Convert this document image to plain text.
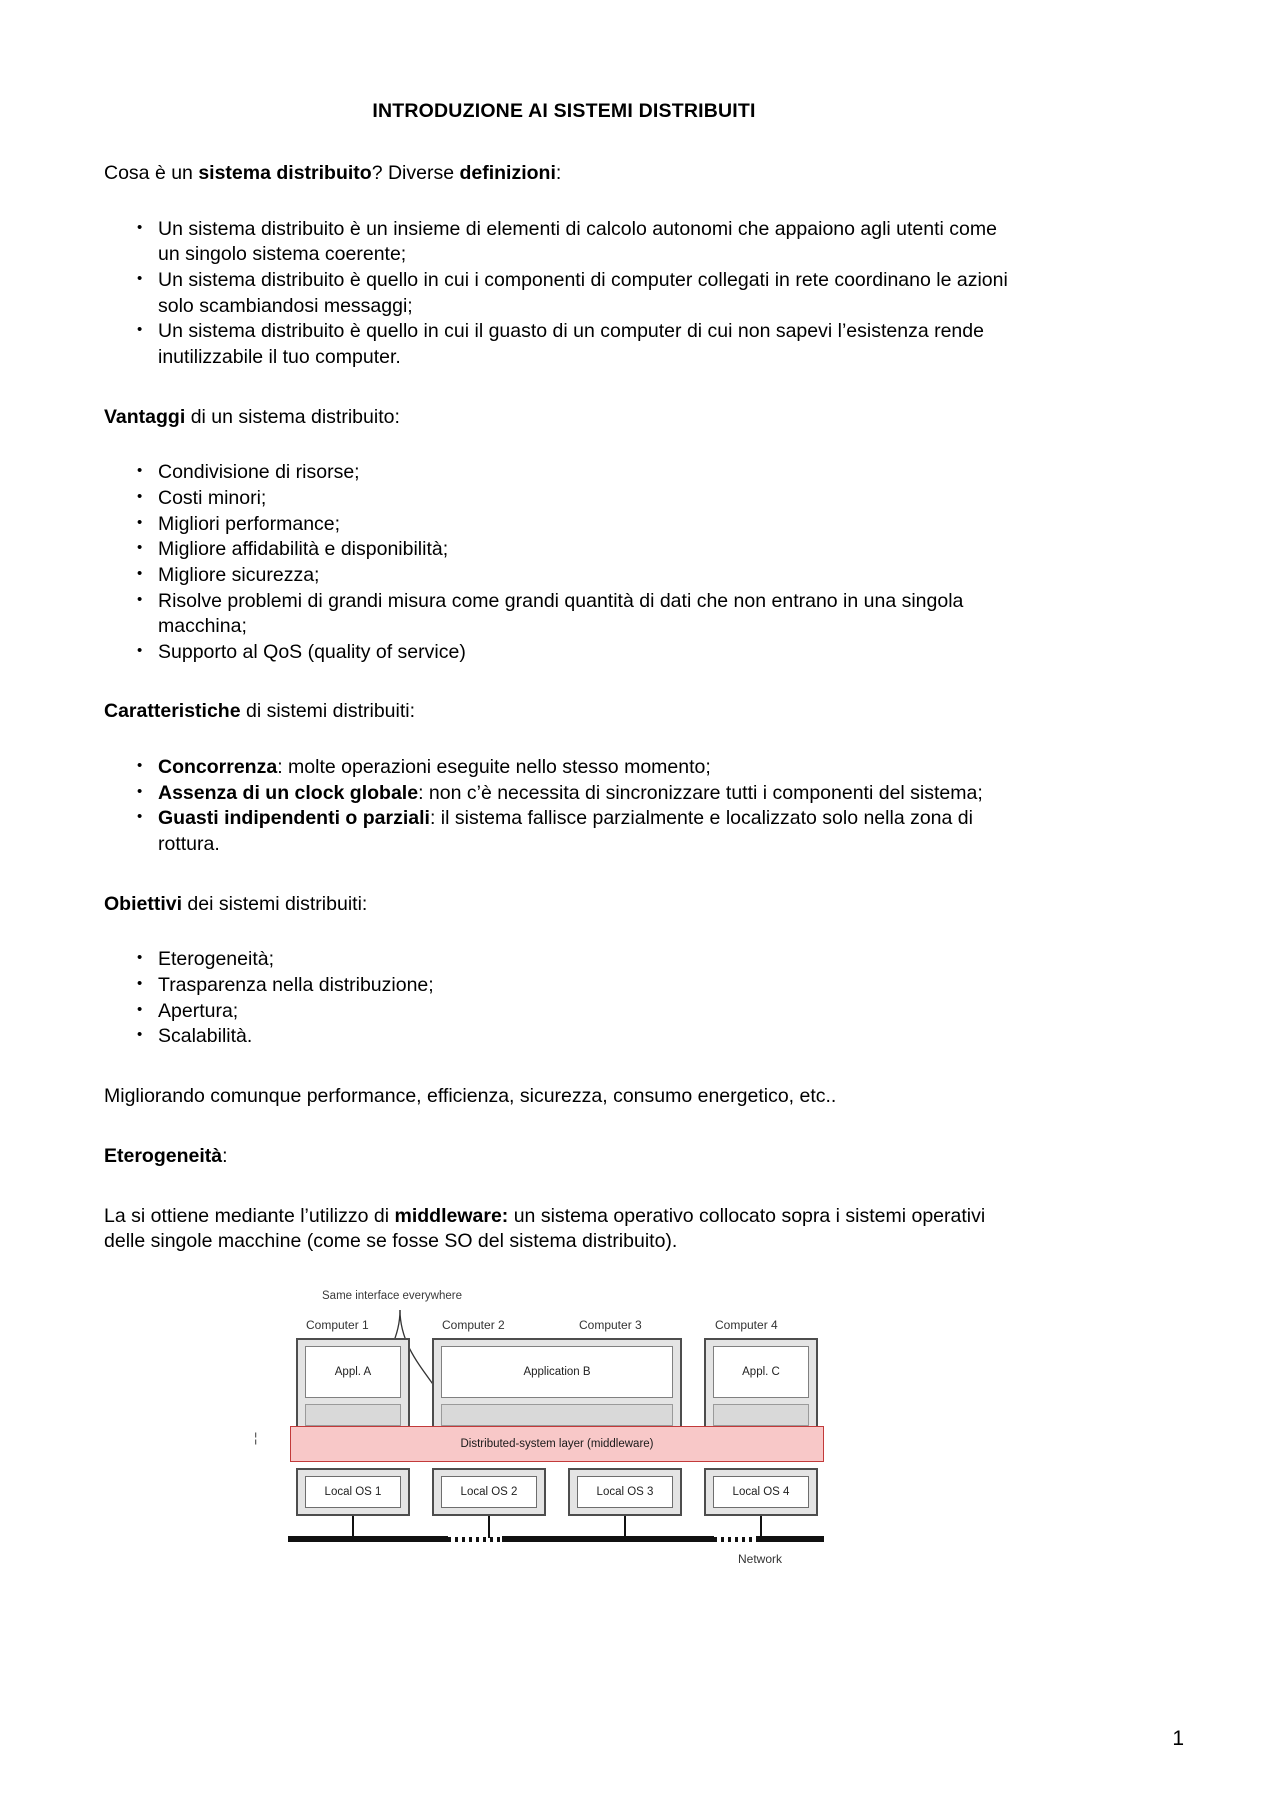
INTRODUZIONE AI SISTEMI DISTRIBUITI

Cosa è un sistema distribuito? Diverse definizioni:

• Un sistema distribuito è un insieme di elementi di calcolo autonomi che appaiono agli utenti come un singolo sistema coerente;
• Un sistema distribuito è quello in cui i componenti di computer collegati in rete coordinano le azioni solo scambiandosi messaggi;
• Un sistema distribuito è quello in cui il guasto di un computer di cui non sapevi l’esistenza rende inutilizzabile il tuo computer.

Vantaggi di un sistema distribuito:

• Condivisione di risorse;
• Costi minori;
• Migliori performance;
• Migliore affidabilità e disponibilità;
• Migliore sicurezza;
• Risolve problemi di grandi misura come grandi quantità di dati che non entrano in una singola macchina;
• Supporto al QoS (quality of service)

Caratteristiche di sistemi distribuiti:

• Concorrenza: molte operazioni eseguite nello stesso momento;
• Assenza di un clock globale: non c’è necessita di sincronizzare tutti i componenti del sistema;
• Guasti indipendenti o parziali: il sistema fallisce parzialmente e localizzato solo nella zona di rottura.

Obiettivi dei sistemi distribuiti:

• Eterogeneità;
• Trasparenza nella distribuzione;
• Apertura;
• Scalabilità.

Migliorando comunque performance, efficienza, sicurezza, consumo energetico, etc..

Eterogeneità:

La si ottiene mediante l’utilizzo di middleware: un sistema operativo collocato sopra i sistemi operativi delle singole macchine (come se fosse SO del sistema distribuito).

Same interface everywhere
Computer 1	Computer 2	Computer 3	Computer 4
Appl. A	Application B	Appl. C
Distributed-system layer (middleware)
¦
Local OS 1	Local OS 2	Local OS 3	Local OS 4
Network
1
